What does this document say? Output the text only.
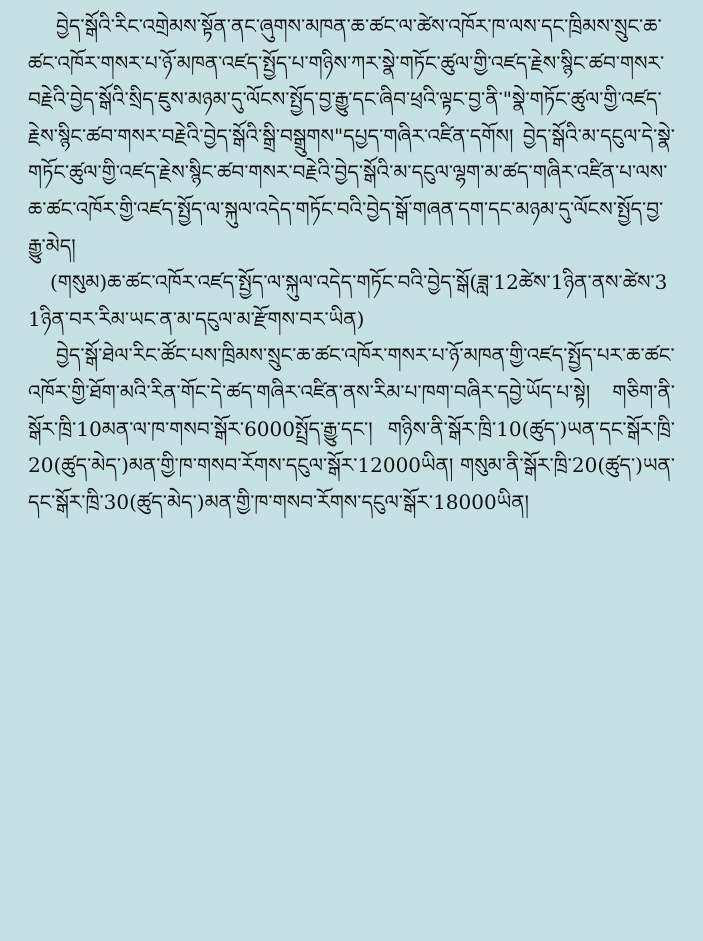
བྱེད་སྒོའི་རིང་འགྲེམས་སྟོན་ནང་ཞུགས་མཁན་ཆ་ཚང་ལ་ཚེས་འཁོར་ཁ་ལས་དང་ཁྲིམས་སྲུང་ཆ་ཚང་འཁོར་གསར་པ་ཉོ་མཁན་འཛད་སྤྱོད་པ་གཉིས་ཀར་སྣེ་གཏོང་ཚུལ་གྱི་འཛད་རྗེས་སྙིང་ཚབ་གསར་བརྗེའི་བྱེད་སྒོའི་སྲིད་ཇུས་མཉམ་དུ་ལོངས་སྤྱོད་བྱ་རྒྱུ་དང་ཞིབ་ཕྲའི་ལྟང་བྱ་ནི་"སྣེ་གཏོང་ཚུལ་གྱི་འཛད་རྗེས་སྙིང་ཚབ་གསར་བརྗེའི་བྱེད་སྒོའི་སྒྲི་བསྒྲུགས"དཔྱད་གཞིར་འཛིན་དགོས། བྱེད་སྒོའི་མ་དངུལ་དེ་སྣེ་གཏོང་ཚུལ་གྱི་འཛད་རྗེས་སྙིང་ཚབ་གསར་བརྗེའི་བྱེད་སྒོའི་མ་དངུལ་ལྷག་མ་ཚད་གཞིར་འཛིན་པ་ལས་ཆ་ཚང་འཁོར་གྱི་འཛད་སྤྱོད་ལ་སྐུལ་འདེད་གཏོང་བའི་བྱེད་སྒོ་གཞན་དག་དང་མཉམ་དུ་ལོངས་སྤྱོད་བྱ་རྒྱུ་མེད།

(གསུམ)ཆ་ཚང་འཁོར་འཛད་སྤྱོད་ལ་སྐུལ་འདེད་གཏོང་བའི་བྱེད་སྒོ(ཟླ་12ཚེས་1ཉིན་ནས་ཚེས་31ཉིན་བར་རིམ་ཡང་ན་མ་དངུལ་མ་རྫོགས་བར་ཡིན)

བྱེད་སྒོ་ཐེལ་རིང་ཚོང་པས་ཁྲིམས་སྲུང་ཆ་ཚང་འཁོར་གསར་པ་ཉོ་མཁན་གྱི་འཛད་སྤྱོད་པར་ཆ་ཚང་འཁོར་གྱི་ཐོག་མའི་རིན་གོང་དེ་ཚད་གཞིར་འཛིན་ནས་རིམ་པ་ཁག་བཞིར་དབྱེ་ཡོད་པ་སྟེ། གཅིག་ནི་སྒོར་ཁྲི་10མན་ལ་ཁ་གསབ་སྒོར་6000སྤྲོད་རྒྱུ་དང་། གཉིས་ནི་སྒོར་ཁྲི་10(ཚུད་)ཡན་དང་སྒོར་ཁྲི་20(ཚུད་མེད་)མན་གྱི་ཁ་གསབ་རོགས་དངུལ་སྒོར་12000ཡིན། གསུམ་ནི་སྒོར་ཁྲི་20(ཚུད་)ཡན་དང་སྒོར་ཁྲི་30(ཚུད་མེད་)མན་གྱི་ཁ་གསབ་རོགས་དངུལ་སྒོར་18000ཡིན།
